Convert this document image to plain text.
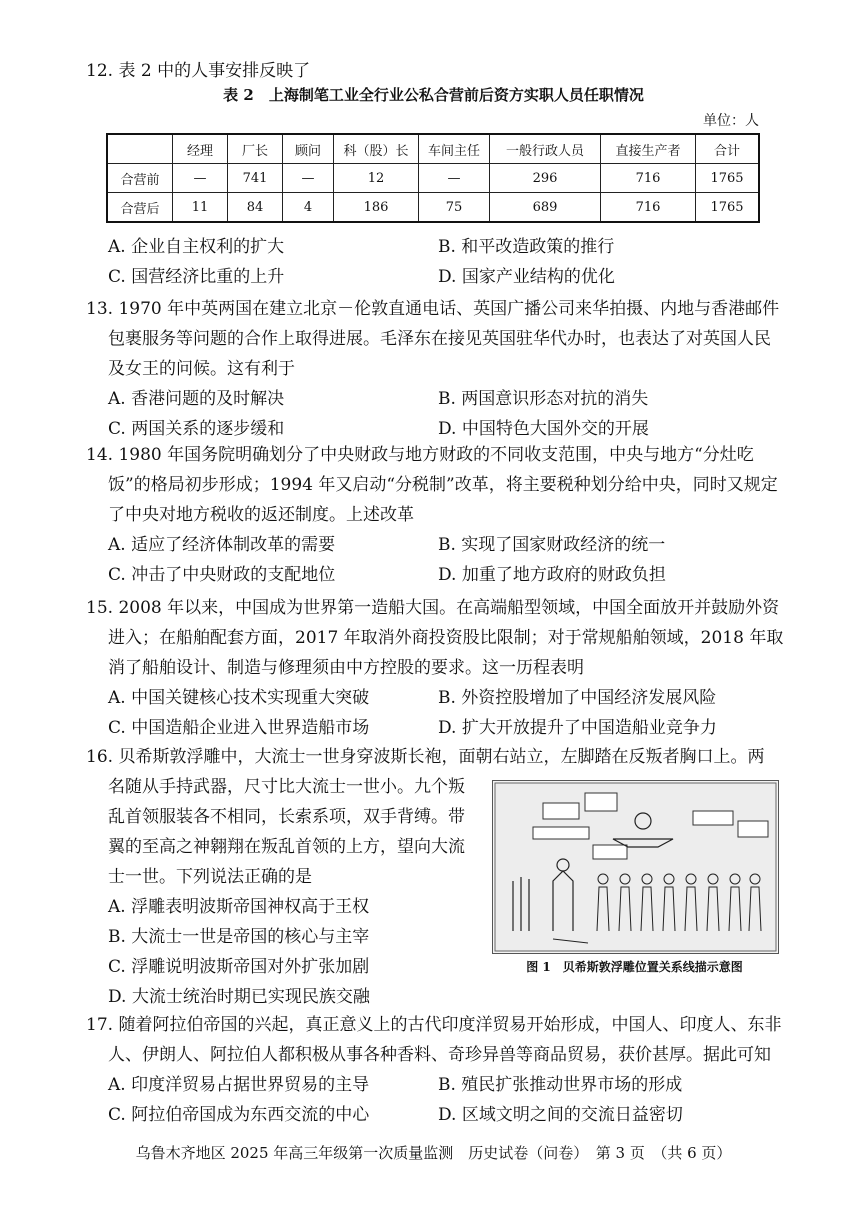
12. 表 2 中的人事安排反映了
表 2　上海制笔工业全行业公私合营前后资方实职人员任职情况
单位：人
	经理	厂长	顾问	科（股）长	车间主任	一般行政人员	直接生产者	合计
合营前	—	741	—	12	—	296	716	1765
合营后	11	84	4	186	75	689	716	1765
A. 企业自主权利的扩大	B. 和平改造政策的推行
C. 国营经济比重的上升	D. 国家产业结构的优化
13. 1970 年中英两国在建立北京－伦敦直通电话、英国广播公司来华拍摄、内地与香港邮件包裹服务等问题的合作上取得进展。毛泽东在接见英国驻华代办时，也表达了对英国人民及女王的问候。这有利于
A. 香港问题的及时解决	B. 两国意识形态对抗的消失
C. 两国关系的逐步缓和	D. 中国特色大国外交的开展
14. 1980 年国务院明确划分了中央财政与地方财政的不同收支范围，中央与地方“分灶吃饭”的格局初步形成；1994 年又启动“分税制”改革，将主要税种划分给中央，同时又规定了中央对地方税收的返还制度。上述改革
A. 适应了经济体制改革的需要	B. 实现了国家财政经济的统一
C. 冲击了中央财政的支配地位	D. 加重了地方政府的财政负担
15. 2008 年以来，中国成为世界第一造船大国。在高端船型领域，中国全面放开并鼓励外资进入；在船舶配套方面，2017 年取消外商投资股比限制；对于常规船舶领域，2018 年取消了船舶设计、制造与修理须由中方控股的要求。这一历程表明
A. 中国关键核心技术实现重大突破	B. 外资控股增加了中国经济发展风险
C. 中国造船企业进入世界造船市场	D. 扩大开放提升了中国造船业竞争力
16. 贝希斯敦浮雕中，大流士一世身穿波斯长袍，面朝右站立，左脚踏在反叛者胸口上。两
名随从手持武器，尺寸比大流士一世小。九个叛乱首领服装各不相同，长索系项，双手背缚。带翼的至高之神翱翔在叛乱首领的上方，望向大流士一世。下列说法正确的是
A. 浮雕表明波斯帝国神权高于王权
B. 大流士一世是帝国的核心与主宰
C. 浮雕说明波斯帝国对外扩张加剧
D. 大流士统治时期已实现民族交融
图 1　贝希斯敦浮雕位置关系线描示意图
17. 随着阿拉伯帝国的兴起，真正意义上的古代印度洋贸易开始形成，中国人、印度人、东非人、伊朗人、阿拉伯人都积极从事各种香料、奇珍异兽等商品贸易，获价甚厚。据此可知
A. 印度洋贸易占据世界贸易的主导	B. 殖民扩张推动世界市场的形成
C. 阿拉伯帝国成为东西交流的中心	D. 区域文明之间的交流日益密切
乌鲁木齐地区 2025 年高三年级第一次质量监测　历史试卷（问卷）　第 3 页　（共 6 页）
